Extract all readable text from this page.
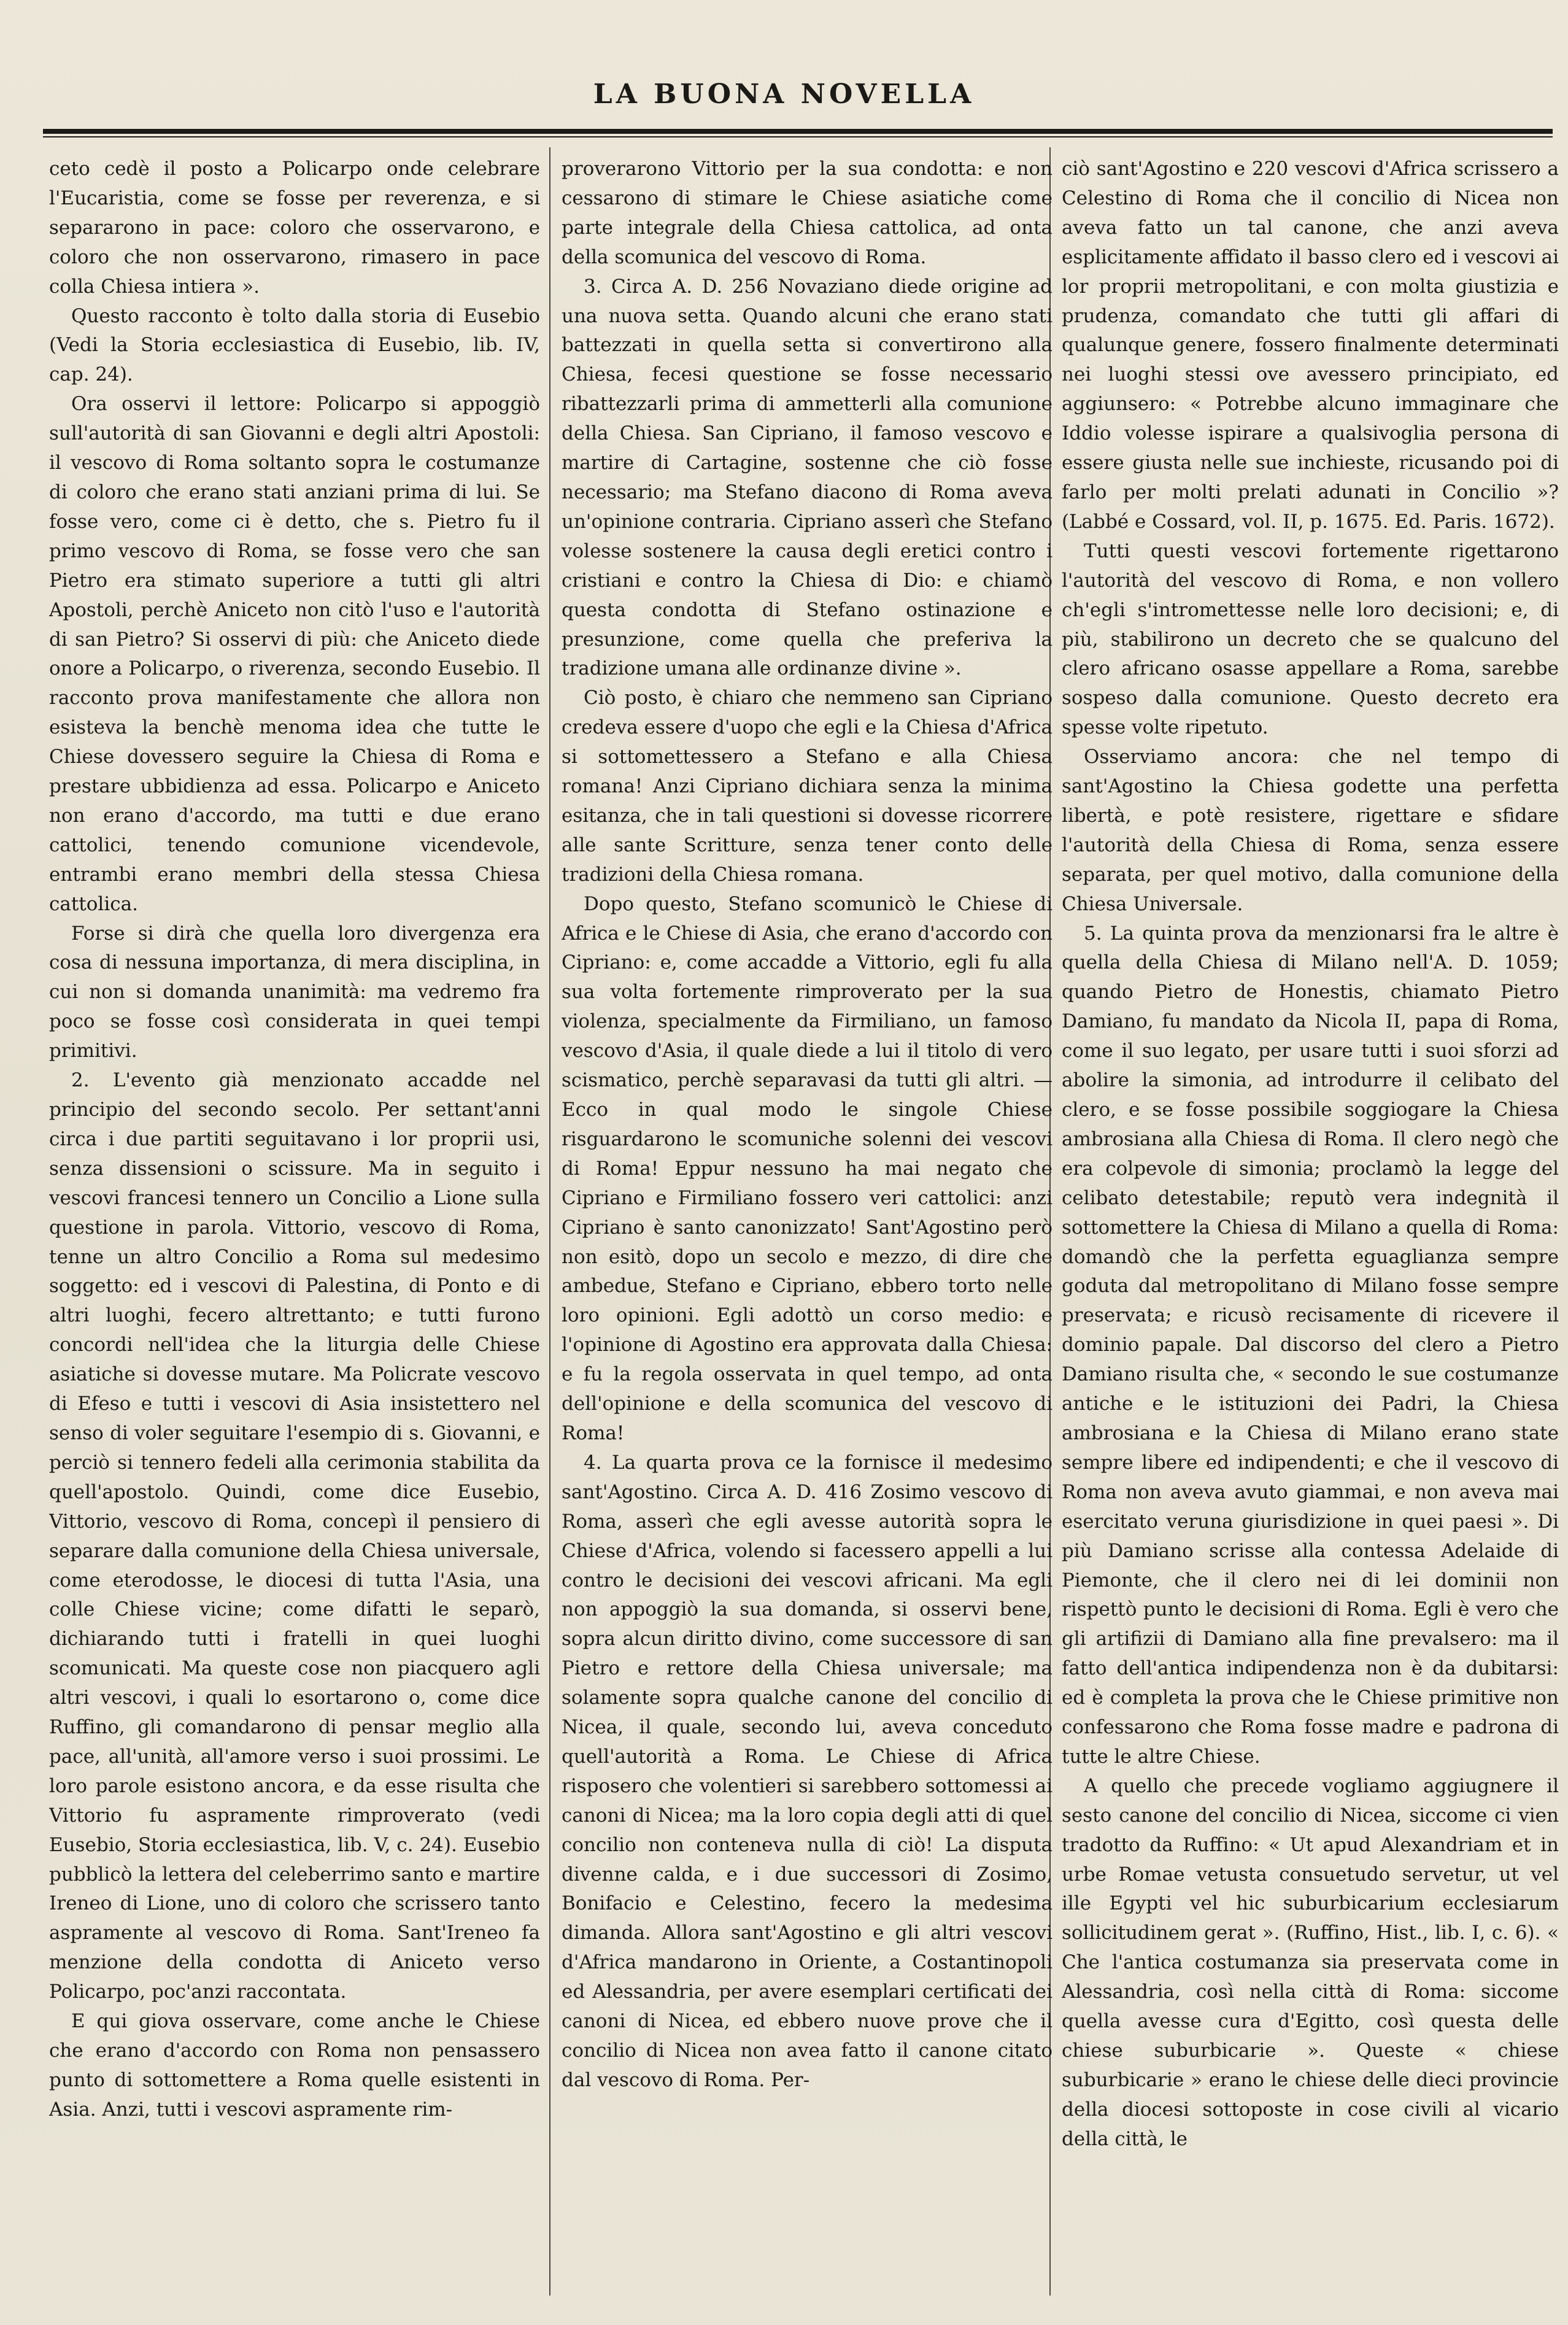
LA BUONA NOVELLA

ceto cedè il posto a Policarpo onde celebrare l'Eucaristia, come se fosse per reverenza, e si separarono in pace: coloro che osservarono, e coloro che non osservarono, rimasero in pace colla Chiesa intiera ».

Questo racconto è tolto dalla storia di Eusebio (Vedi la Storia ecclesiastica di Eusebio, lib. IV, cap. 24).

Ora osservi il lettore: Policarpo si appoggiò sull'autorità di san Giovanni e degli altri Apostoli: il vescovo di Roma soltanto sopra le costumanze di coloro che erano stati anziani prima di lui. Se fosse vero, come ci è detto, che s. Pietro fu il primo vescovo di Roma, se fosse vero che san Pietro era stimato superiore a tutti gli altri Apostoli, perchè Aniceto non citò l'uso e l'autorità di san Pietro? Si osservi di più: che Aniceto diede onore a Policarpo, o riverenza, secondo Eusebio. Il racconto prova manifestamente che allora non esisteva la benchè menoma idea che tutte le Chiese dovessero seguire la Chiesa di Roma e prestare ubbidienza ad essa. Policarpo e Aniceto non erano d'accordo, ma tutti e due erano cattolici, tenendo comunione vicendevole, entrambi erano membri della stessa Chiesa cattolica.

Forse si dirà che quella loro divergenza era cosa di nessuna importanza, di mera disciplina, in cui non si domanda unanimità: ma vedremo fra poco se fosse così considerata in quei tempi primitivi.

2. L'evento già menzionato accadde nel principio del secondo secolo. Per settant'anni circa i due partiti seguitavano i lor proprii usi, senza dissensioni o scissure. Ma in seguito i vescovi francesi tennero un Concilio a Lione sulla questione in parola. Vittorio, vescovo di Roma, tenne un altro Concilio a Roma sul medesimo soggetto: ed i vescovi di Palestina, di Ponto e di altri luoghi, fecero altrettanto; e tutti furono concordi nell'idea che la liturgia delle Chiese asiatiche si dovesse mutare. Ma Policrate vescovo di Efeso e tutti i vescovi di Asia insistettero nel senso di voler seguitare l'esempio di s. Giovanni, e perciò si tennero fedeli alla cerimonia stabilita da quell'apostolo. Quindi, come dice Eusebio, Vittorio, vescovo di Roma, concepì il pensiero di separare dalla comunione della Chiesa universale, come eterodosse, le diocesi di tutta l'Asia, una colle Chiese vicine; come difatti le separò, dichiarando tutti i fratelli in quei luoghi scomunicati. Ma queste cose non piacquero agli altri vescovi, i quali lo esortarono o, come dice Ruffino, gli comandarono di pensar meglio alla pace, all'unità, all'amore verso i suoi prossimi. Le loro parole esistono ancora, e da esse risulta che Vittorio fu aspramente rimproverato (vedi Eusebio, Storia ecclesiastica, lib. V, c. 24). Eusebio pubblicò la lettera del celeberrimo santo e martire Ireneo di Lione, uno di coloro che scrissero tanto aspramente al vescovo di Roma. Sant'Ireneo fa menzione della condotta di Aniceto verso Policarpo, poc'anzi raccontata.

E qui giova osservare, come anche le Chiese che erano d'accordo con Roma non pensassero punto di sottomettere a Roma quelle esistenti in Asia. Anzi, tutti i vescovi aspramente rim-

proverarono Vittorio per la sua condotta: e non cessarono di stimare le Chiese asiatiche come parte integrale della Chiesa cattolica, ad onta della scomunica del vescovo di Roma.

3. Circa A. D. 256 Novaziano diede origine ad una nuova setta. Quando alcuni che erano stati battezzati in quella setta si convertirono alla Chiesa, fecesi questione se fosse necessario ribattezzarli prima di ammetterli alla comunione della Chiesa. San Cipriano, il famoso vescovo e martire di Cartagine, sostenne che ciò fosse necessario; ma Stefano diacono di Roma aveva un'opinione contraria. Cipriano asserì che Stefano volesse sostenere la causa degli eretici contro i cristiani e contro la Chiesa di Dio: e chiamò questa condotta di Stefano ostinazione e presunzione, come quella che preferiva la tradizione umana alle ordinanze divine ».

Ciò posto, è chiaro che nemmeno san Cipriano credeva essere d'uopo che egli e la Chiesa d'Africa si sottomettessero a Stefano e alla Chiesa romana! Anzi Cipriano dichiara senza la minima esitanza, che in tali questioni si dovesse ricorrere alle sante Scritture, senza tener conto delle tradizioni della Chiesa romana.

Dopo questo, Stefano scomunicò le Chiese di Africa e le Chiese di Asia, che erano d'accordo con Cipriano: e, come accadde a Vittorio, egli fu alla sua volta fortemente rimproverato per la sua violenza, specialmente da Firmiliano, un famoso vescovo d'Asia, il quale diede a lui il titolo di vero scismatico, perchè separavasi da tutti gli altri. — Ecco in qual modo le singole Chiese risguardarono le scomuniche solenni dei vescovi di Roma! Eppur nessuno ha mai negato che Cipriano e Firmiliano fossero veri cattolici: anzi Cipriano è santo canonizzato! Sant'Agostino però non esitò, dopo un secolo e mezzo, di dire che ambedue, Stefano e Cipriano, ebbero torto nelle loro opinioni. Egli adottò un corso medio: e l'opinione di Agostino era approvata dalla Chiesa: e fu la regola osservata in quel tempo, ad onta dell'opinione e della scomunica del vescovo di Roma!

4. La quarta prova ce la fornisce il medesimo sant'Agostino. Circa A. D. 416 Zosimo vescovo di Roma, asserì che egli avesse autorità sopra le Chiese d'Africa, volendo si facessero appelli a lui contro le decisioni dei vescovi africani. Ma egli non appoggiò la sua domanda, si osservi bene, sopra alcun diritto divino, come successore di san Pietro e rettore della Chiesa universale; ma solamente sopra qualche canone del concilio di Nicea, il quale, secondo lui, aveva conceduto quell'autorità a Roma. Le Chiese di Africa risposero che volentieri si sarebbero sottomessi ai canoni di Nicea; ma la loro copia degli atti di quel concilio non conteneva nulla di ciò! La disputa divenne calda, e i due successori di Zosimo, Bonifacio e Celestino, fecero la medesima dimanda. Allora sant'Agostino e gli altri vescovi d'Africa mandarono in Oriente, a Costantinopoli ed Alessandria, per avere esemplari certificati dei canoni di Nicea, ed ebbero nuove prove che il concilio di Nicea non avea fatto il canone citato dal vescovo di Roma. Per-

ciò sant'Agostino e 220 vescovi d'Africa scrissero a Celestino di Roma che il concilio di Nicea non aveva fatto un tal canone, che anzi aveva esplicitamente affidato il basso clero ed i vescovi ai lor proprii metropolitani, e con molta giustizia e prudenza, comandato che tutti gli affari di qualunque genere, fossero finalmente determinati nei luoghi stessi ove avessero principiato, ed aggiunsero: « Potrebbe alcuno immaginare che Iddio volesse ispirare a qualsivoglia persona di essere giusta nelle sue inchieste, ricusando poi di farlo per molti prelati adunati in Concilio »? (Labbé e Cossard, vol. II, p. 1675. Ed. Paris. 1672).

Tutti questi vescovi fortemente rigettarono l'autorità del vescovo di Roma, e non vollero ch'egli s'intromettesse nelle loro decisioni; e, di più, stabilirono un decreto che se qualcuno del clero africano osasse appellare a Roma, sarebbe sospeso dalla comunione. Questo decreto era spesse volte ripetuto.

Osserviamo ancora: che nel tempo di sant'Agostino la Chiesa godette una perfetta libertà, e potè resistere, rigettare e sfidare l'autorità della Chiesa di Roma, senza essere separata, per quel motivo, dalla comunione della Chiesa Universale.

5. La quinta prova da menzionarsi fra le altre è quella della Chiesa di Milano nell'A. D. 1059; quando Pietro de Honestis, chiamato Pietro Damiano, fu mandato da Nicola II, papa di Roma, come il suo legato, per usare tutti i suoi sforzi ad abolire la simonia, ad introdurre il celibato del clero, e se fosse possibile soggiogare la Chiesa ambrosiana alla Chiesa di Roma. Il clero negò che era colpevole di simonia; proclamò la legge del celibato detestabile; reputò vera indegnità il sottomettere la Chiesa di Milano a quella di Roma: domandò che la perfetta eguaglianza sempre goduta dal metropolitano di Milano fosse sempre preservata; e ricusò recisamente di ricevere il dominio papale. Dal discorso del clero a Pietro Damiano risulta che, « secondo le sue costumanze antiche e le istituzioni dei Padri, la Chiesa ambrosiana e la Chiesa di Milano erano state sempre libere ed indipendenti; e che il vescovo di Roma non aveva avuto giammai, e non aveva mai esercitato veruna giurisdizione in quei paesi ». Di più Damiano scrisse alla contessa Adelaide di Piemonte, che il clero nei di lei dominii non rispettò punto le decisioni di Roma. Egli è vero che gli artifizii di Damiano alla fine prevalsero: ma il fatto dell'antica indipendenza non è da dubitarsi: ed è completa la prova che le Chiese primitive non confessarono che Roma fosse madre e padrona di tutte le altre Chiese.

A quello che precede vogliamo aggiugnere il sesto canone del concilio di Nicea, siccome ci vien tradotto da Ruffino: « Ut apud Alexandriam et in urbe Romae vetusta consuetudo servetur, ut vel ille Egypti vel hic suburbicarium ecclesiarum sollicitudinem gerat ». (Ruffino, Hist., lib. I, c. 6). « Che l'antica costumanza sia preservata come in Alessandria, così nella città di Roma: siccome quella avesse cura d'Egitto, così questa delle chiese suburbicarie ». Queste « chiese suburbicarie » erano le chiese delle dieci provincie della diocesi sottoposte in cose civili al vicario della città, le
